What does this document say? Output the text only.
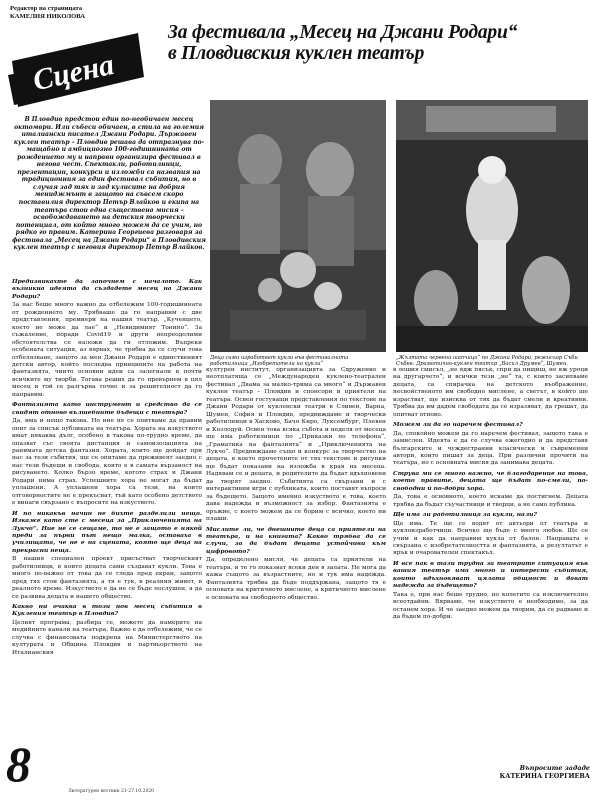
Редактор на страницата
КАМЕЛИЯ НИКОЛОВА
Сцена
За фестивала „Месец на Джани Родари“
в Пловдивския куклен театър

В Пловдив предстои един по-необичаен месец октомври. Или събеси обичаен, в стила на големия италиански писател Джани Родари. Държавен куклен театър – Пловдив решава да отпразнува по-мащабно и амбициозно 100-годишнината от рождението му и направи организира фестивал в негова чест. Спектакли, работилници, презентации, конкурси и изложби са назвапия на традиционния за един фестивал събития, но в случая зад тях и зад кулисите на добрия мениджмънт в защото на съвсем скоро поставилия директор Петър Влайков и екипа на театъра стои една същественa мисия – освобождаването на детския творчески потенциал, от който много можем да се учим, но рядко го правим. Катерина Георгиева разговаря за фестивала „Месец на Джани Родари“ в Пловдивския куклен театър с неговия директор Петър Влайков.

Деца сами изработват кукли във фестивалната работилница „Изобретатели на кукли“
„Жълтата червена шапчица“ по Джани Родари, режисьор Съби Събев. Драматично-куклен театър „Васил Друмев“, Шумен.

Предизвикахте да започнем с началото. Как възникна идеята да създадете месец на Джани Родари?

За нас беше много важно да отбележим 100-годишнината от рождението му. Трябваше да го направим с две представления, премиери на нашия театър. „Кученцето, което не може да лае“ и „Невидимият Тонино“. За съжаление, поради Covid19 и други непреодолими обстоятелства се наложи да ги отложим. Въпреки особената ситуация, аз вярвах, че трябва да се случи това отбелязване, защото за мен Джани Родари е единственият детски автор, който последва принципите на работа на фантазията, чиито основни идеи са залегнали в почти всичките му творби. Тогава реших да го превърнем в цял месец и той се разгърна точно и за решителност да го направим.

Фантазията като инструмент и средство да се свидят отново вълшебните бъдещи с театъра?

Да, има и нещо такова. Но ние не се опитваме да правим опит за списък публиката на театъра. Хората на изкуството имат някаква дълг, особено в такова по-трудно време, да опазват със своята дистанция и самоизолацията на ранимата детска фантазия. Хората, които ще дойдат при нас за тези събития, ще се опитаме да преживеят заедно с нас тези бъдещи и свобода, която е в самата вързаност на рисуването. Колко бързо време, когото страх и Джани Родари нима страх. Успешните хора не могат да бъдат уплашени. А уплашени хора са тези, на които отговорностите не е прекъснат, тъй като особено детството е винаги свързано с въпросите на изкуството.

И по никакъв начин не бихте разделили нещо. Изкаже като сте с месеца за „Приключенията на Лукчо“. Ние не се сещаме, то не е защото е някой преди за първи път нещо малка, оставаха в училищата, че не е на сцената, която ще деца на прекрасни неща.

В нашия специален проект присъстват творческият работилници, в които децата сами създават кукли. Това е много по-важно от това да се гледа пред екран, защото пред тях стои фантазията, а тя е тук, в реалния живот, в реалното време. Изкуството е да не се бъде послушен, а да се развива децата и нашето общество.

Какво ни очаква в този нов месец събития в Кукления театър в Пловдив?

Целият програма, разбира се, можете да намерите на медийните канали на театъра. Важно е да отбележим, че се случва с финансовата подкрепа на Министерството на културата и Община Пловдив и партньорството на Италианския

културен институт, организацията за Сдружение и неотплатяща се „Международен куклено-театрален фестивал „Двама за малко-трима са много“ и Държавен куклен театър – Пловдив и спонсори и приятели на театъра. Освен гостуващи представления по текстове на Джани Родари от кукленски театри в Сливен, Варна, Шумен, София и Пловдив, предвиждаме и творчески работилници в Хасково, Бачо Киро, Луксембург, Плевен и Козлодуй. Освен това всяка събота и неделя от месеца ще има работилници по „Приказки по телефона“, „Граматика на фантазията“ и „Приключенията на Лукчо“. Предвиждаме също и конкурс за творчество на децата, в което прочетените от тях текстове и рисунки ще бъдат показани на изложба в края на месеца. Надявам се и децата, и родителите да бъдат вдъхновени да творят заедно. Събитията са свързани и с интерактивни игри с публиката, които поставят въпроси за бъдещето. Защото именно изкуството е това, което дава надежда и възможност за избор. Фантазията е оръжие, с което можем да се борим с всичко, което ни плаши.

Мислите ли, че днешните деца са приятели на театъра, и на книгата? Какво трябва да се случи, за да бъдат децата устойчиви към цифровото?

Да, определено мисля, че децата са приятели на театъра, и те го показват всеки ден в залата. Не мога да кажа същото за възрастните, но и тук има надежда. Фантазията трябва да бъде поддържана, защото тя е основата на критичното мислене, а критичното мислене е основата на свободното общество.

в лошия смисъл, „не ядж пясък, спри да пищиш, не яж уроци на другарчето“, и всички тези „не“ та, с които засипваме децата, са спирачка на детското въображение, несвойственото им свободно мислене, а светът, в който ще израстват, ще изисква от тях да бъдат смели и креативни. Трябва да им дадем свободата да се изразяват, да грешат, да опитват отново.

Можем ли да го наречем фестивал?

Да, спокойно можем да го наречем фестивал, защото така е замислен. Идеята е да се случва ежегодно и да представя българските и чуждестранни класически и съвременни автори, които пишат за деца. При различни прочити на театъра, но с основната мисия да занимава децата.

Струва ми се много важно, че благодарение на това, което правите, децата ще бъдат по-смели, по-свободни и по-добри хора.

Да, това е основното, което искаме да постигнем. Децата трябва да бъдат съучастници и творци, а не само публика.

Ще има ли работилница за кукли, нали?

Ще има. Те ще се водят от актьори от театъра и куклоизработчици. Всичко ще бъде с много любов. Ще се учим и как да направим кукла от балон. Направата е свързана с изобретателността и фантазията, а резултатът е ярък и очарователен спектакъл.

И все пак в тази трудна за театрите ситуация във вашия театър има много и интересни събития, които вдъхновяват цялата общност и дават надежда за бъдещето?

Така е, при нас беше трудно, но колегите са изключително всеотдайни. Вярваме, че изкуството е необходимо, за да останем хора. И че заедно можем да творим, да се радваме и да бъдем по-добри.

8	Литературен вестник 21-27.10.2020
Въпросите зададе
КАТЕРИНА ГЕОРГИЕВА
